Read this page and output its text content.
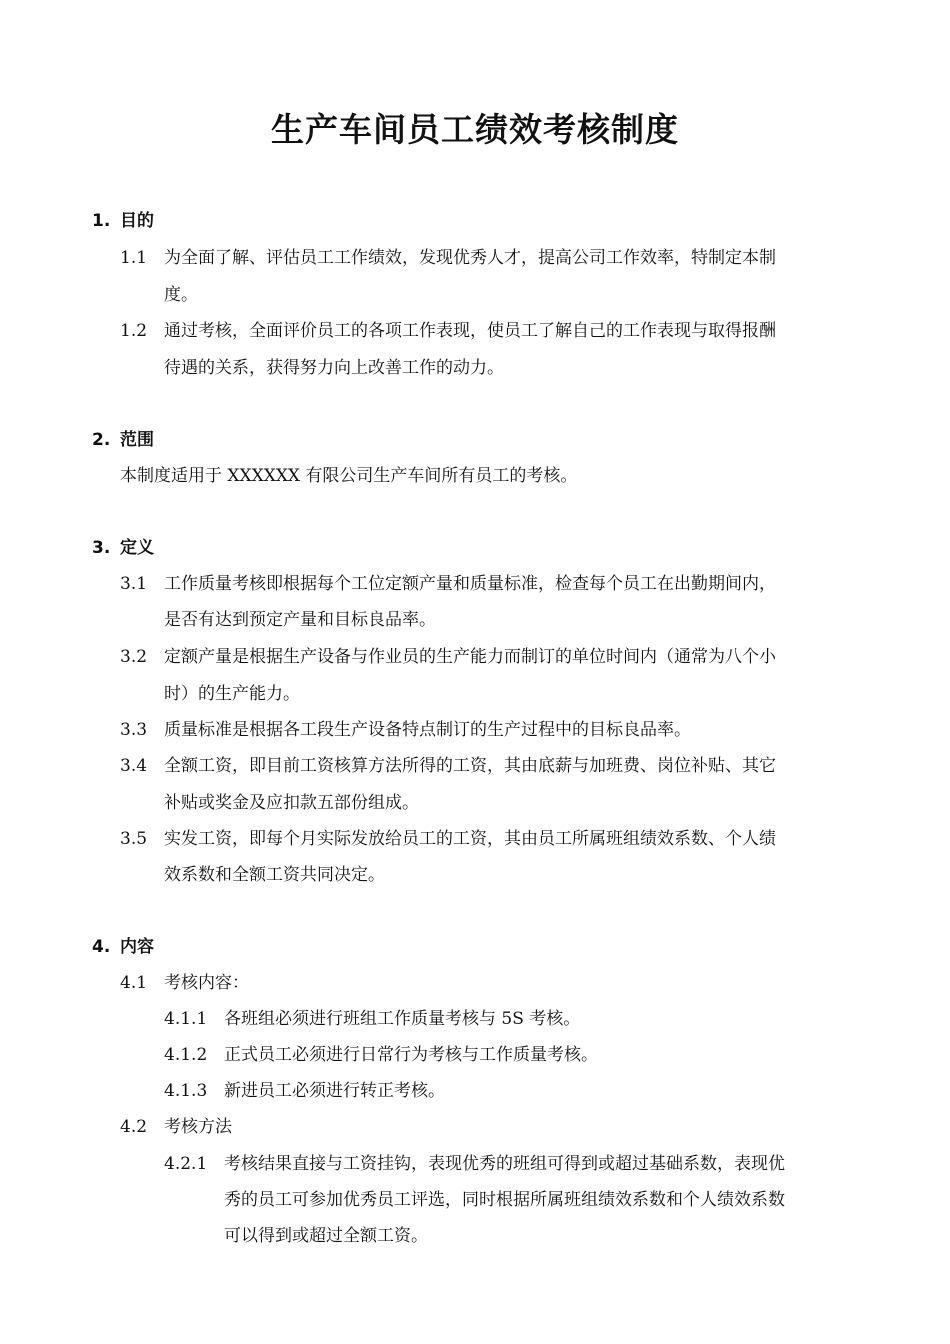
生产车间员工绩效考核制度
1. 目的
1.1 为全面了解、评估员工工作绩效，发现优秀人才，提高公司工作效率，特制定本制
度。
1.2 通过考核，全面评价员工的各项工作表现，使员工了解自己的工作表现与取得报酬
待遇的关系，获得努力向上改善工作的动力。
2. 范围
本制度适用于 XXXXXX 有限公司生产车间所有员工的考核。
3. 定义
3.1 工作质量考核即根据每个工位定额产量和质量标准，检查每个员工在出勤期间内，
是否有达到预定产量和目标良品率。
3.2 定额产量是根据生产设备与作业员的生产能力而制订的单位时间内（通常为八个小
时）的生产能力。
3.3 质量标准是根据各工段生产设备特点制订的生产过程中的目标良品率。
3.4 全额工资，即目前工资核算方法所得的工资，其由底薪与加班费、岗位补贴、其它
补贴或奖金及应扣款五部份组成。
3.5 实发工资，即每个月实际发放给员工的工资，其由员工所属班组绩效系数、个人绩
效系数和全额工资共同决定。
4. 内容
4.1 考核内容：
4.1.1 各班组必须进行班组工作质量考核与 5S 考核。
4.1.2 正式员工必须进行日常行为考核与工作质量考核。
4.1.3 新进员工必须进行转正考核。
4.2 考核方法
4.2.1 考核结果直接与工资挂钩，表现优秀的班组可得到或超过基础系数，表现优
秀的员工可参加优秀员工评选，同时根据所属班组绩效系数和个人绩效系数
可以得到或超过全额工资。
